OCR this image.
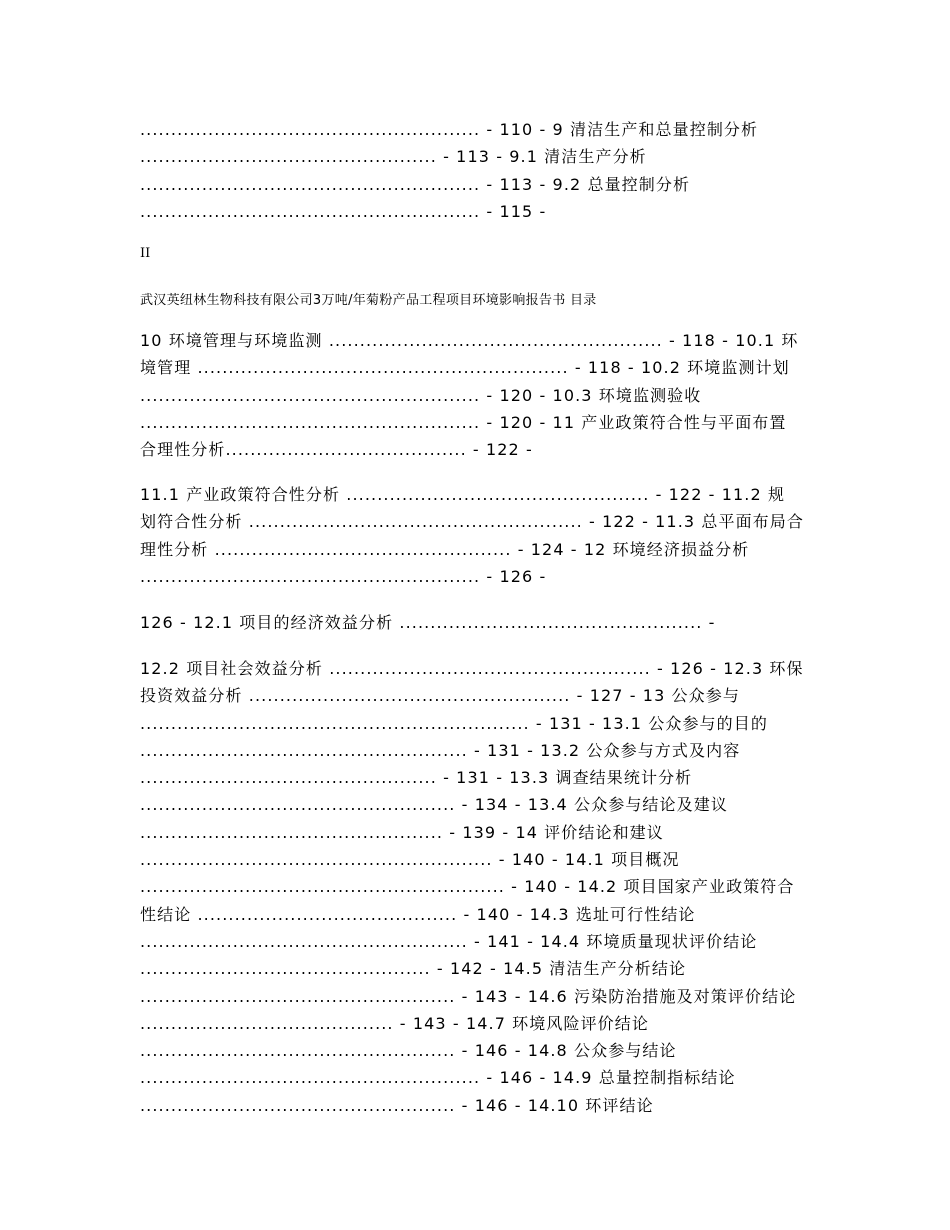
....................................................... - 110 - 9 清洁生产和总量控制分析
................................................ - 113 - 9.1 清洁生产分析
....................................................... - 113 - 9.2 总量控制分析
....................................................... - 115 -
II
武汉英纽林生物科技有限公司3万吨/年菊粉产品工程项目环境影响报告书 目录
10 环境管理与环境监测 ...................................................... - 118 - 10.1 环
境管理 ............................................................ - 118 - 10.2 环境监测计划
....................................................... - 120 - 10.3 环境监测验收
....................................................... - 120 - 11 产业政策符合性与平面布置
合理性分析....................................... - 122 -
11.1 产业政策符合性分析 ................................................. - 122 - 11.2 规
划符合性分析 ...................................................... - 122 - 11.3 总平面布局合
理性分析 ................................................ - 124 - 12 环境经济损益分析
....................................................... - 126 -
126 - 12.1 项目的经济效益分析 ................................................. -
12.2 项目社会效益分析 .................................................... - 126 - 12.3 环保
投资效益分析 .................................................... - 127 - 13 公众参与
............................................................... - 131 - 13.1 公众参与的目的
..................................................... - 131 - 13.2 公众参与方式及内容
................................................ - 131 - 13.3 调查结果统计分析
................................................... - 134 - 13.4 公众参与结论及建议
................................................. - 139 - 14 评价结论和建议
......................................................... - 140 - 14.1 项目概况
........................................................... - 140 - 14.2 项目国家产业政策符合
性结论 .......................................... - 140 - 14.3 选址可行性结论
..................................................... - 141 - 14.4 环境质量现状评价结论
............................................... - 142 - 14.5 清洁生产分析结论
................................................... - 143 - 14.6 污染防治措施及对策评价结论
......................................... - 143 - 14.7 环境风险评价结论
................................................... - 146 - 14.8 公众参与结论
....................................................... - 146 - 14.9 总量控制指标结论
................................................... - 146 - 14.10 环评结论
